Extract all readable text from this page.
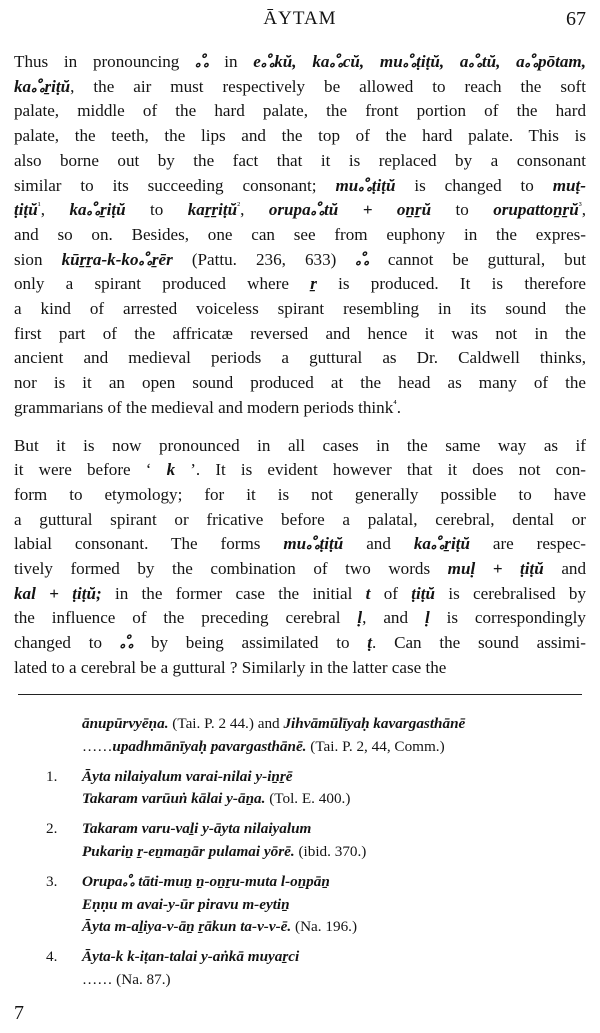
ĀYTAM	67

Thus in pronouncing ஃ in eஃkŭ, kaஃcŭ, muஃṭiṭŭ, aஃtŭ, aஃpōtam,

kaஃṟiṭŭ, the air must respectively be allowed to reach the soft

palate, middle of the hard palate, the front portion of the hard

palate, the teeth, the lips and the top of the hard palate. This is

also borne out by the fact that it is replaced by a consonant

similar to its succeeding consonant; muஃṭiṭŭ is changed to muṭ-

ṭiṭŭ$^{^1}$, kaஃṟiṭŭ to kaṟṟiṭŭ$^{^2}$, orupaஃtŭ + oṉṟŭ to orupattoṉṟŭ$^{^3}$,

and so on. Besides, one can see from euphony in the expres-

sion kūṟṟa-k-koஃṟēr (Pattu. 236, 633) ஃ cannot be guttural, but

only a spirant produced where ṟ is produced. It is therefore

a kind of arrested voiceless spirant resembling in its sound the

first part of the affricatæ reversed and hence it was not in the

ancient and medieval periods a guttural as Dr. Caldwell thinks,

nor is it an open sound produced at the head as many of the

grammarians of the medieval and modern periods think$^{^4}$.

But it is now pronounced in all cases in the same way as if

it were before ‘ k ’. It is evident however that it does not con-

form to etymology; for it is not generally possible to have

a guttural spirant or fricative before a palatal, cerebral, dental or

labial consonant. The forms muஃṭiṭŭ and kaஃṟiṭŭ are respec-

tively formed by the combination of two words muḷ + ṭiṭŭ and

kal + ṭiṭŭ; in the former case the initial t of ṭiṭŭ is cerebralised by

the influence of the preceding cerebral ḷ, and ḷ is correspondingly

changed to ஃ by being assimilated to ṭ. Can the sound assimi-

lated to a cerebral be a guttural ? Similarly in the latter case the

ānupūrvyēṇa. (Tai. P. 2 44.) and Jihvāmūlīyaḥ kavargasthānē
……upadhmānīyaḥ pavargasthānē. (Tai. P. 2, 44, Comm.)
1. Āyta nilaiyalum varai-nilai y-iṉṟē
Takaram varūuṅ kālai y-āṉa. (Tol. E. 400.)
2. Takaram varu-vaḻi y-āyta nilaiyalum
Pukariṉ ṟ-eṉmaṉār pulamai yōrē. (ibid. 370.)
3. Orupaஃ tāti-muṉ ṉ-oṉṟu-muta l-oṉpāṉ
Eṇṇu m avai-y-ūr piravu m-eytiṉ
Āyta m-aḻiya-v-āṉ ṟākun ta-v-v-ē. (Na. 196.)
4. Āyta-k k-iṭan-talai y-aṅkā muyaṟci
…… (Na. 87.)
7
